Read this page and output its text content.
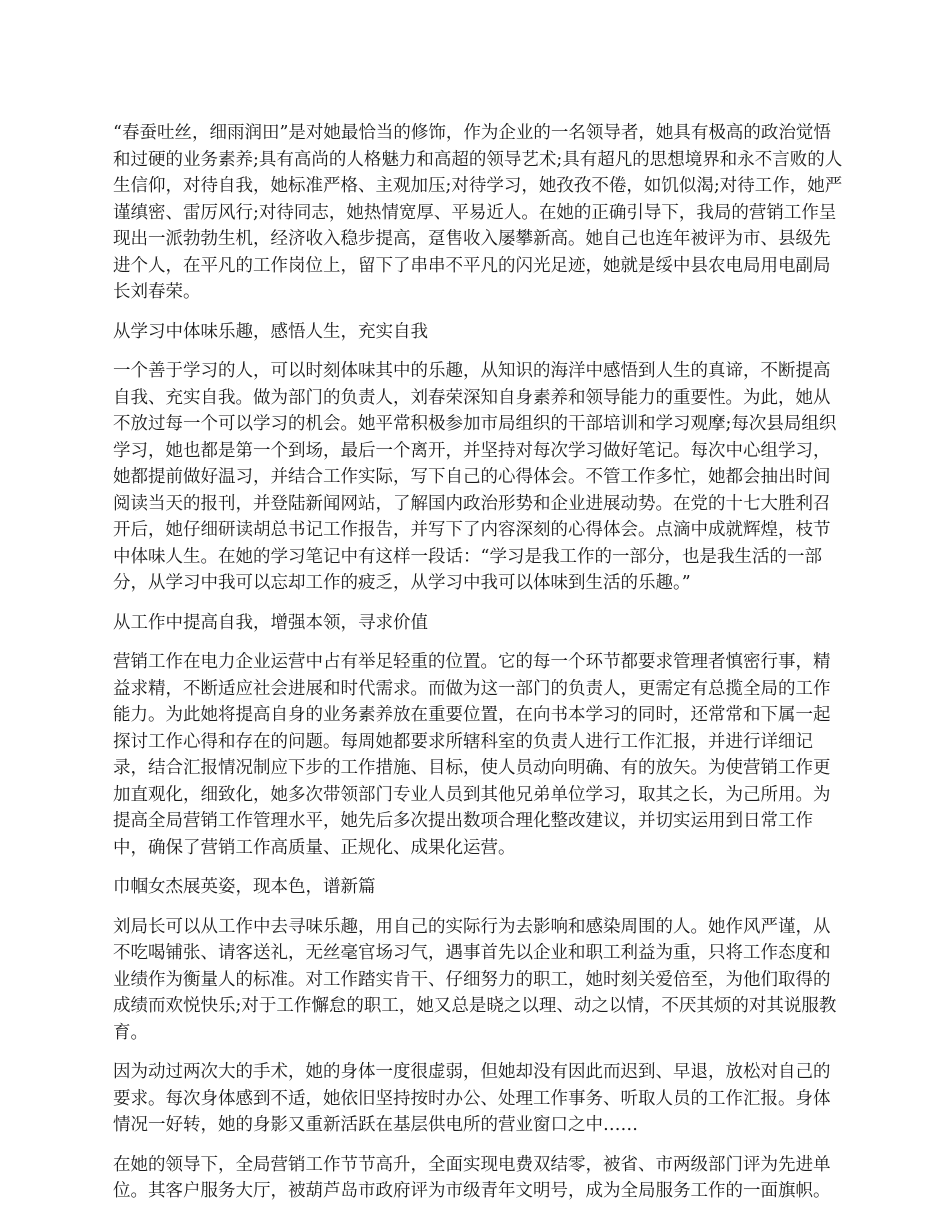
“春蚕吐丝，细雨润田”是对她最恰当的修饰，作为企业的一名领导者，她具有极高的政治觉悟和过硬的业务素养;具有高尚的人格魅力和高超的领导艺术;具有超凡的思想境界和永不言败的人生信仰，对待自我，她标准严格、主观加压;对待学习，她孜孜不倦，如饥似渴;对待工作，她严谨缜密、雷厉风行;对待同志，她热情宽厚、平易近人。在她的正确引导下，我局的营销工作呈现出一派勃勃生机，经济收入稳步提高，趸售收入屡攀新高。她自己也连年被评为市、县级先进个人，在平凡的工作岗位上，留下了串串不平凡的闪光足迹，她就是绥中县农电局用电副局长刘春荣。

从学习中体味乐趣，感悟人生，充实自我

一个善于学习的人，可以时刻体味其中的乐趣，从知识的海洋中感悟到人生的真谛，不断提高自我、充实自我。做为部门的负责人，刘春荣深知自身素养和领导能力的重要性。为此，她从不放过每一个可以学习的机会。她平常积极参加市局组织的干部培训和学习观摩;每次县局组织学习，她也都是第一个到场，最后一个离开，并坚持对每次学习做好笔记。每次中心组学习，她都提前做好温习，并结合工作实际，写下自己的心得体会。不管工作多忙，她都会抽出时间阅读当天的报刊，并登陆新闻网站，了解国内政治形势和企业进展动势。在党的十七大胜利召开后，她仔细研读胡总书记工作报告，并写下了内容深刻的心得体会。点滴中成就辉煌，枝节中体味人生。在她的学习笔记中有这样一段话：“学习是我工作的一部分，也是我生活的一部分，从学习中我可以忘却工作的疲乏，从学习中我可以体味到生活的乐趣。”

从工作中提高自我，增强本领，寻求价值

营销工作在电力企业运营中占有举足轻重的位置。它的每一个环节都要求管理者慎密行事，精益求精，不断适应社会进展和时代需求。而做为这一部门的负责人，更需定有总揽全局的工作能力。为此她将提高自身的业务素养放在重要位置，在向书本学习的同时，还常常和下属一起探讨工作心得和存在的问题。每周她都要求所辖科室的负责人进行工作汇报，并进行详细记录，结合汇报情况制应下步的工作措施、目标，使人员动向明确、有的放矢。为使营销工作更加直观化，细致化，她多次带领部门专业人员到其他兄弟单位学习，取其之长，为己所用。为提高全局营销工作管理水平，她先后多次提出数项合理化整改建议，并切实运用到日常工作中，确保了营销工作高质量、正规化、成果化运营。

巾帼女杰展英姿，现本色，谱新篇

刘局长可以从工作中去寻味乐趣，用自己的实际行为去影响和感染周围的人。她作风严谨，从不吃喝铺张、请客送礼，无丝毫官场习气，遇事首先以企业和职工利益为重，只将工作态度和业绩作为衡量人的标准。对工作踏实肯干、仔细努力的职工，她时刻关爱倍至，为他们取得的成绩而欢悦快乐;对于工作懈怠的职工，她又总是晓之以理、动之以情，不厌其烦的对其说服教育。

因为动过两次大的手术，她的身体一度很虚弱，但她却没有因此而迟到、早退，放松对自己的要求。每次身体感到不适，她依旧坚持按时办公、处理工作事务、听取人员的工作汇报。身体情况一好转，她的身影又重新活跃在基层供电所的营业窗口之中……

在她的领导下，全局营销工作节节高升，全面实现电费双结零，被省、市两级部门评为先进单位。其客户服务大厅，被葫芦岛市政府评为市级青年文明号，成为全局服务工作的一面旗帜。
